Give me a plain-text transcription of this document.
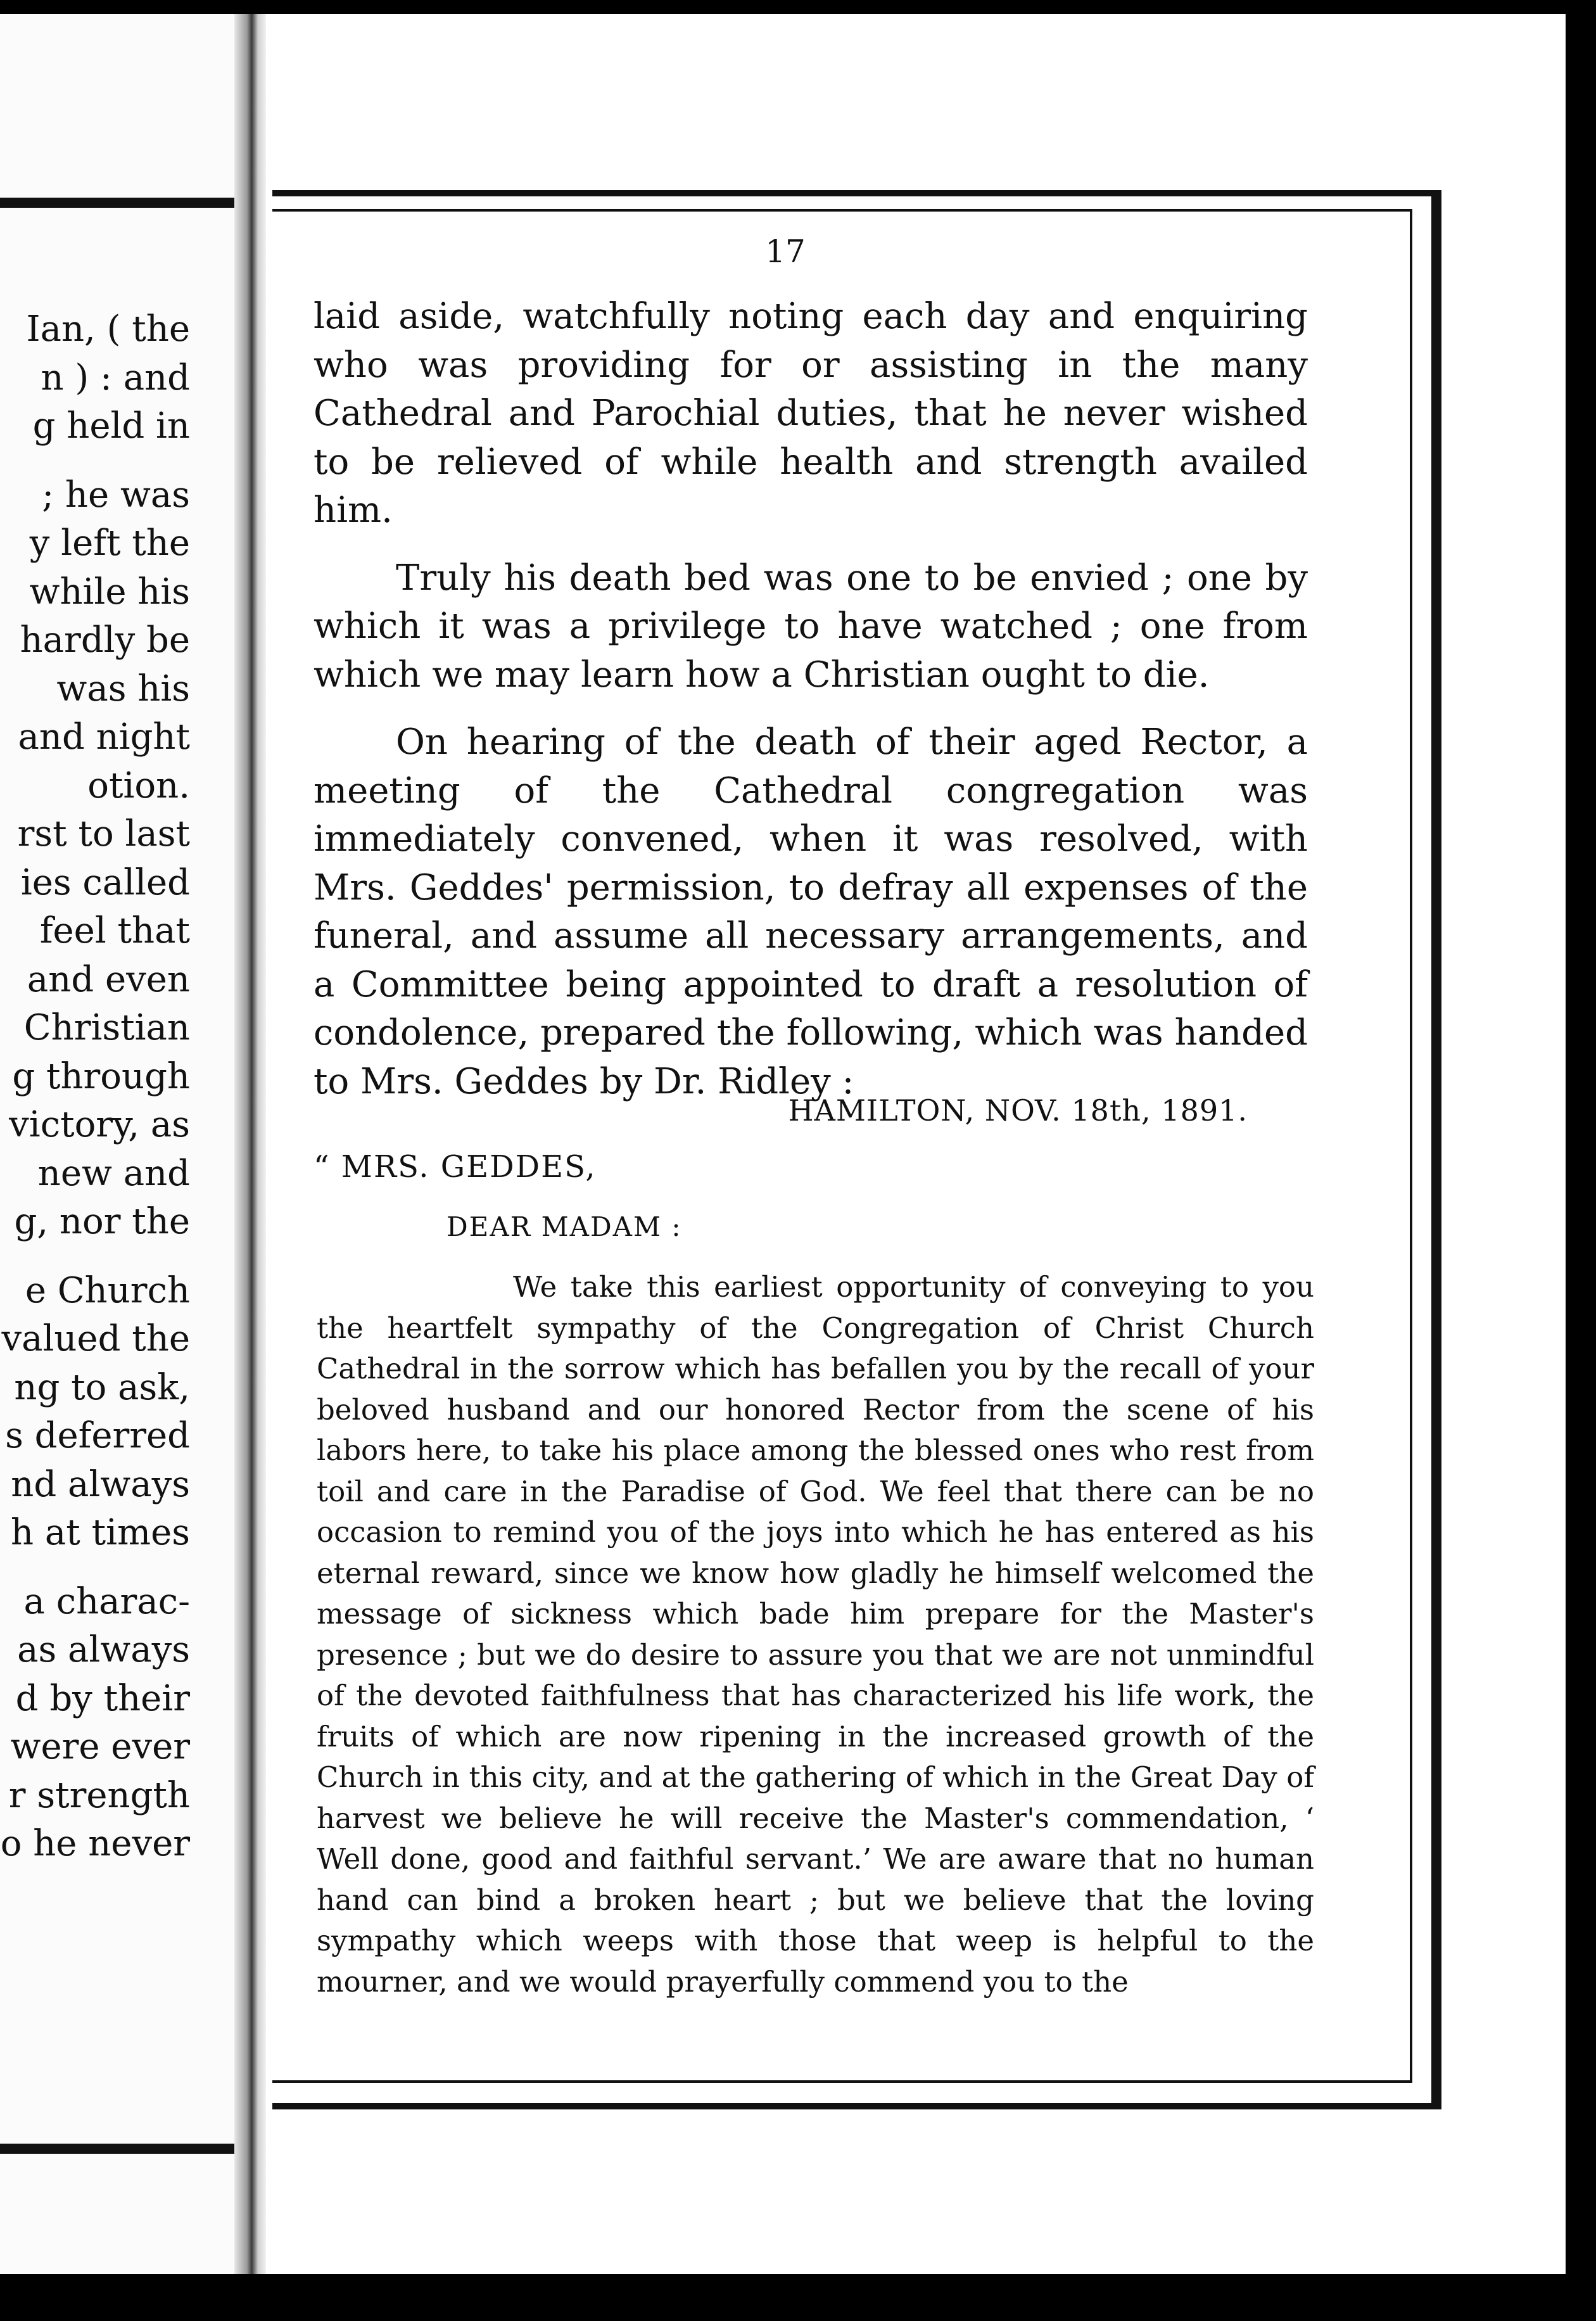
Ian, ( the
n ) : and
g held in
; he was
y left the
while his
hardly be
was his
and night
otion.
rst to last
ies called
feel that
and even
Christian
g through
victory, as
new and
g, nor the
e Church
valued the
ng to ask,
s deferred
nd always
h at times
a charac-
as always
d by their
were ever
r strength
o he never
17

laid aside, watchfully noting each day and enquiring who was providing for or assisting in the many Cathedral and Parochial duties, that he never wished to be relieved of while health and strength availed him.

Truly his death bed was one to be envied ; one by which it was a privilege to have watched ; one from which we may learn how a Christian ought to die.

On hearing of the death of their aged Rector, a meeting of the Cathedral congregation was immediately convened, when it was resolved, with Mrs. Geddes' permission, to defray all expenses of the funeral, and assume all necessary arrangements, and a Committee being appointed to draft a resolution of condolence, prepared the following, which was handed to Mrs. Geddes by Dr. Ridley :

HAMILTON, NOV. 18th, 1891.
“ MRS. GEDDES,
DEAR MADAM :

We take this earliest opportunity of conveying to you the heartfelt sympathy of the Congregation of Christ Church Cathedral in the sorrow which has befallen you by the recall of your beloved husband and our honored Rector from the scene of his labors here, to take his place among the blessed ones who rest from toil and care in the Paradise of God. We feel that there can be no occasion to remind you of the joys into which he has entered as his eternal reward, since we know how gladly he himself welcomed the message of sickness which bade him prepare for the Master's presence ; but we do desire to assure you that we are not unmindful of the devoted faithfulness that has characterized his life work, the fruits of which are now ripening in the increased growth of the Church in this city, and at the gathering of which in the Great Day of harvest we believe he will receive the Master's commendation, ‘ Well done, good and faithful servant.’ We are aware that no human hand can bind a broken heart ; but we believe that the loving sympathy which weeps with those that weep is helpful to the mourner, and we would prayerfully commend you to the
